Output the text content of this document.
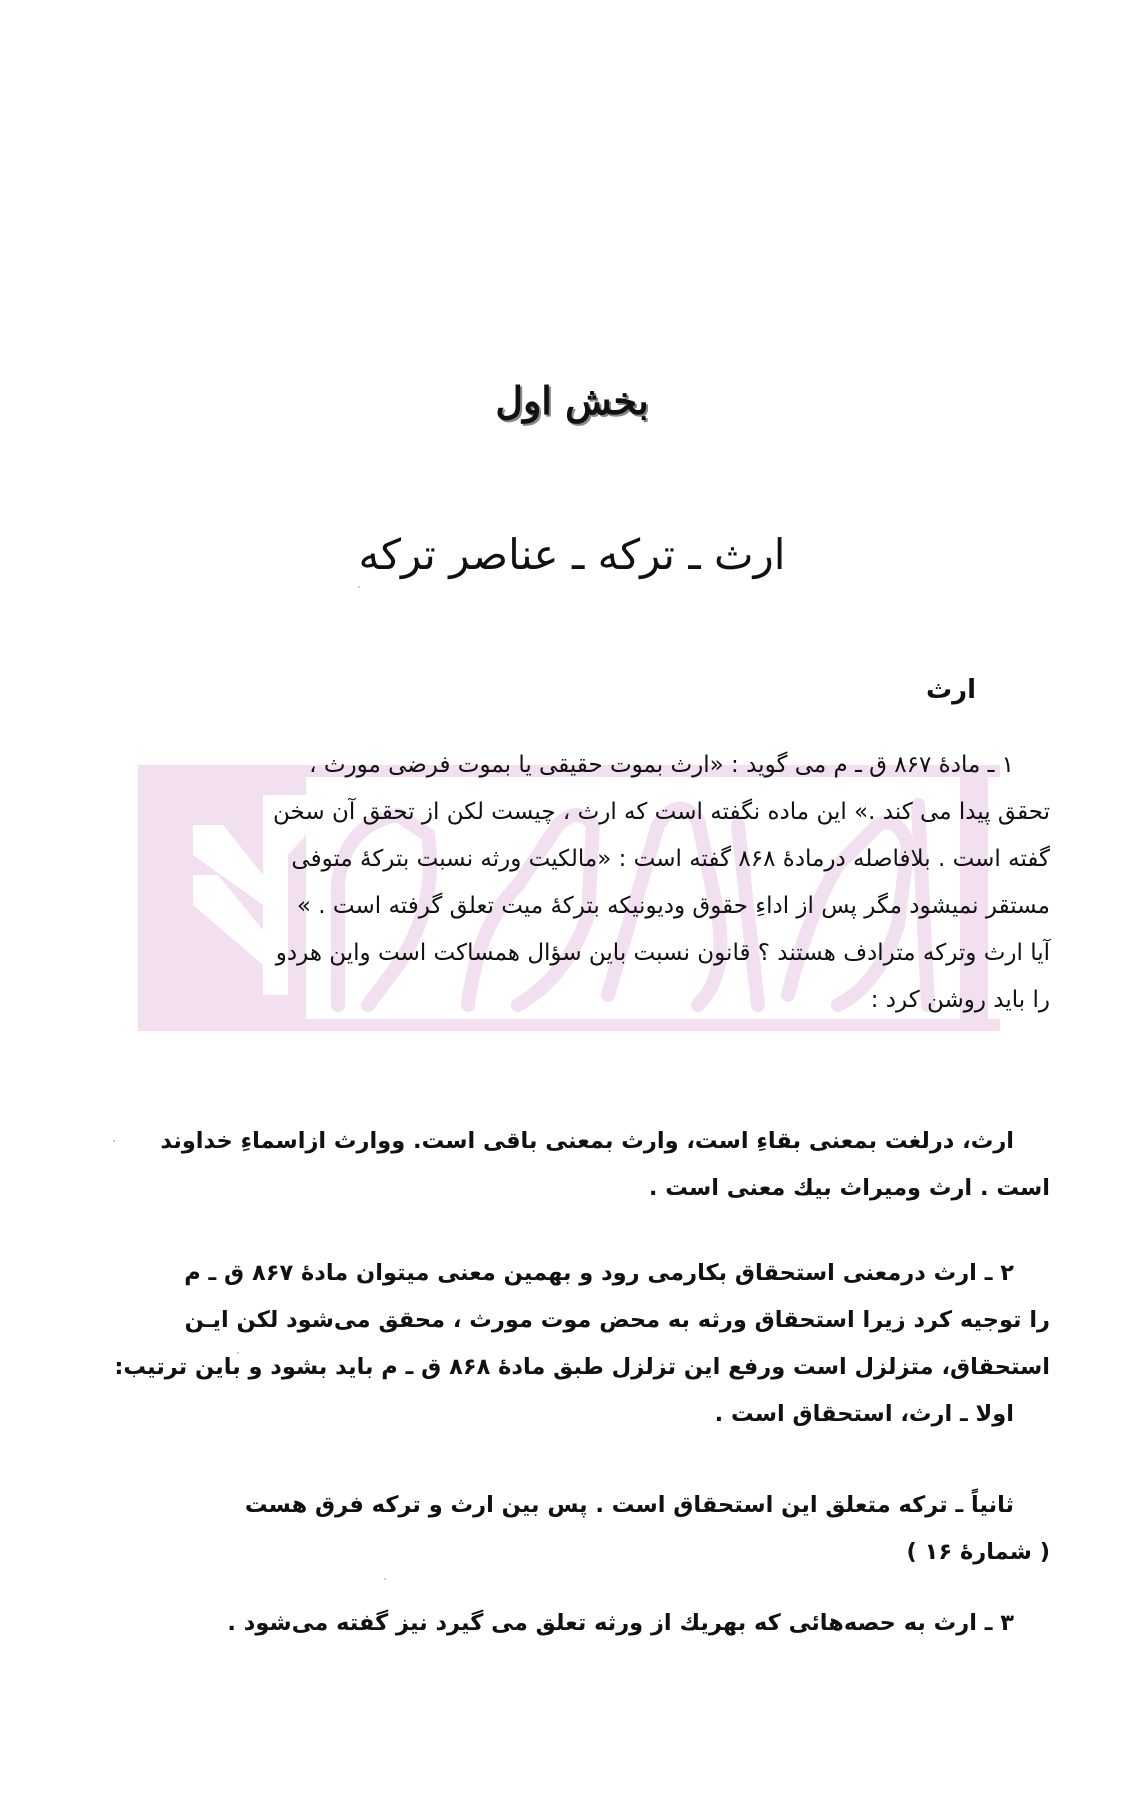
بخش اول
ارث ـ ترکه ـ عناصر ترکه
ارث
۱ ـ مادهٔ ۸۶۷ ق ـ م می گوید : «ارث بموت حقیقی یا بموت فرضی مورث ،
تحقق پیدا می کند .» این ماده نگفته است که ارث ، چیست لکن از تحقق آن سخن
گفته است . بلافاصله درمادهٔ ۸۶۸ گفته است : «مالکیت ورثه نسبت بترکهٔ متوفی
مستقر نمیشود مگر پس از اداءِ حقوق ودیونیکه بترکهٔ میت تعلق گرفته است . »
آیا ارث وترکه مترادف هستند ؟ قانون نسبت باین سؤال همساکت است واین هردو
را باید روشن کرد :
ارث، درلغت بمعنی بقاءِ است، وارث بمعنی باقی است. ووارث ازاسماءِ خداوند
است . ارث ومیراث بیك معنی است .
۲ ـ ارث درمعنی استحقاق بکارمی رود و بهمین معنی میتوان مادهٔ ۸۶۷ ق ـ م
را توجیه کرد زیرا استحقاق ورثه به محض موت مورث ، محقق می‌شود لکن ایـن
استحقاق، متزلزل است ورفع این تزلزل طبق مادهٔ ۸۶۸ ق ـ م باید بشود و باین ترتیب:
اولا ـ ارث، استحقاق است .
ثانیاً ـ ترکه متعلق این استحقاق است . پس بین ارث و ترکه فرق هست
( شمارهٔ ۱۶ )
۳ ـ ارث به حصه‌هائی که بهریك از ورثه تعلق می گیرد نیز گفته می‌شود .
